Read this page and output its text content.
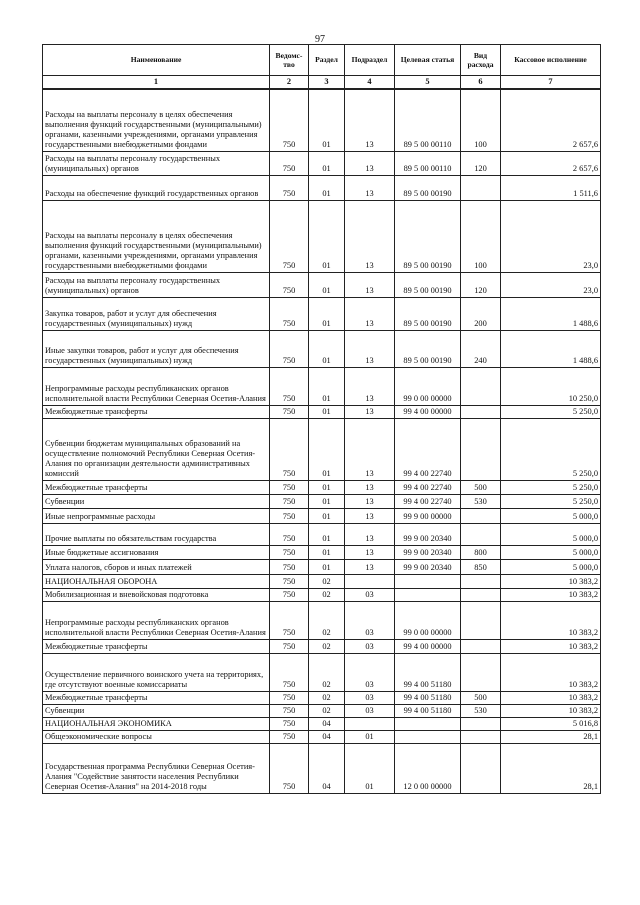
97
Наименование	Ведомс-тво	Раздел	Подраздел	Целевая статья	Вид расхода	Кассовое исполнение
1	2	3	4	5	6	7
Расходы на выплаты персоналу в целях обеспечения выполнения функций государственными (муниципальными) органами, казенными учреждениями, органами управления государственными внебюджетными фондами	750	01	13	89 5 00 00110	100	2 657,6
Расходы на выплаты персоналу государственных (муниципальных) органов	750	01	13	89 5 00 00110	120	2 657,6
Расходы на обеспечение функций государственных органов	750	01	13	89 5 00 00190		1 511,6
Расходы на выплаты персоналу в целях обеспечения выполнения функций государственными (муниципальными) органами, казенными учреждениями, органами управления государственными внебюджетными фондами	750	01	13	89 5 00 00190	100	23,0
Расходы на выплаты персоналу государственных (муниципальных) органов	750	01	13	89 5 00 00190	120	23,0
Закупка товаров, работ и услуг для обеспечения государственных (муниципальных) нужд	750	01	13	89 5 00 00190	200	1 488,6
Иные закупки товаров, работ и услуг для обеспечения государственных (муниципальных) нужд	750	01	13	89 5 00 00190	240	1 488,6
Непрограммные расходы республиканских органов исполнительной власти Республики Северная Осетия-Алания	750	01	13	99 0 00 00000		10 250,0
Межбюджетные трансферты	750	01	13	99 4 00 00000		5 250,0
Субвенции бюджетам муниципальных образований на осуществление полномочий Республики Северная Осетия-Алания по организации деятельности административных комиссий	750	01	13	99 4 00 22740		5 250,0
Межбюджетные трансферты	750	01	13	99 4 00 22740	500	5 250,0
Субвенции	750	01	13	99 4 00 22740	530	5 250,0
Иные непрограммные расходы	750	01	13	99 9 00 00000		5 000,0
Прочие выплаты по обязательствам государства	750	01	13	99 9 00 20340		5 000,0
Иные бюджетные ассигнования	750	01	13	99 9 00 20340	800	5 000,0
Уплата налогов, сборов и иных платежей	750	01	13	99 9 00 20340	850	5 000,0
НАЦИОНАЛЬНАЯ ОБОРОНА	750	02				10 383,2
Мобилизационная и вневойсковая подготовка	750	02	03			10 383,2
Непрограммные расходы республиканских органов исполнительной власти Республики Северная Осетия-Алания	750	02	03	99 0 00 00000		10 383,2
Межбюджетные трансферты	750	02	03	99 4 00 00000		10 383,2
Осуществление первичного воинского учета на территориях, где отсутствуют военные комиссариаты	750	02	03	99 4 00 51180		10 383,2
Межбюджетные трансферты	750	02	03	99 4 00 51180	500	10 383,2
Субвенции	750	02	03	99 4 00 51180	530	10 383,2
НАЦИОНАЛЬНАЯ ЭКОНОМИКА	750	04				5 016,8
Общеэкономические вопросы	750	04	01			28,1
Государственная программа Республики Северная Осетия-Алания "Содействие занятости населения Республики Северная Осетия-Алания" на 2014-2018 годы	750	04	01	12 0 00 00000		28,1
